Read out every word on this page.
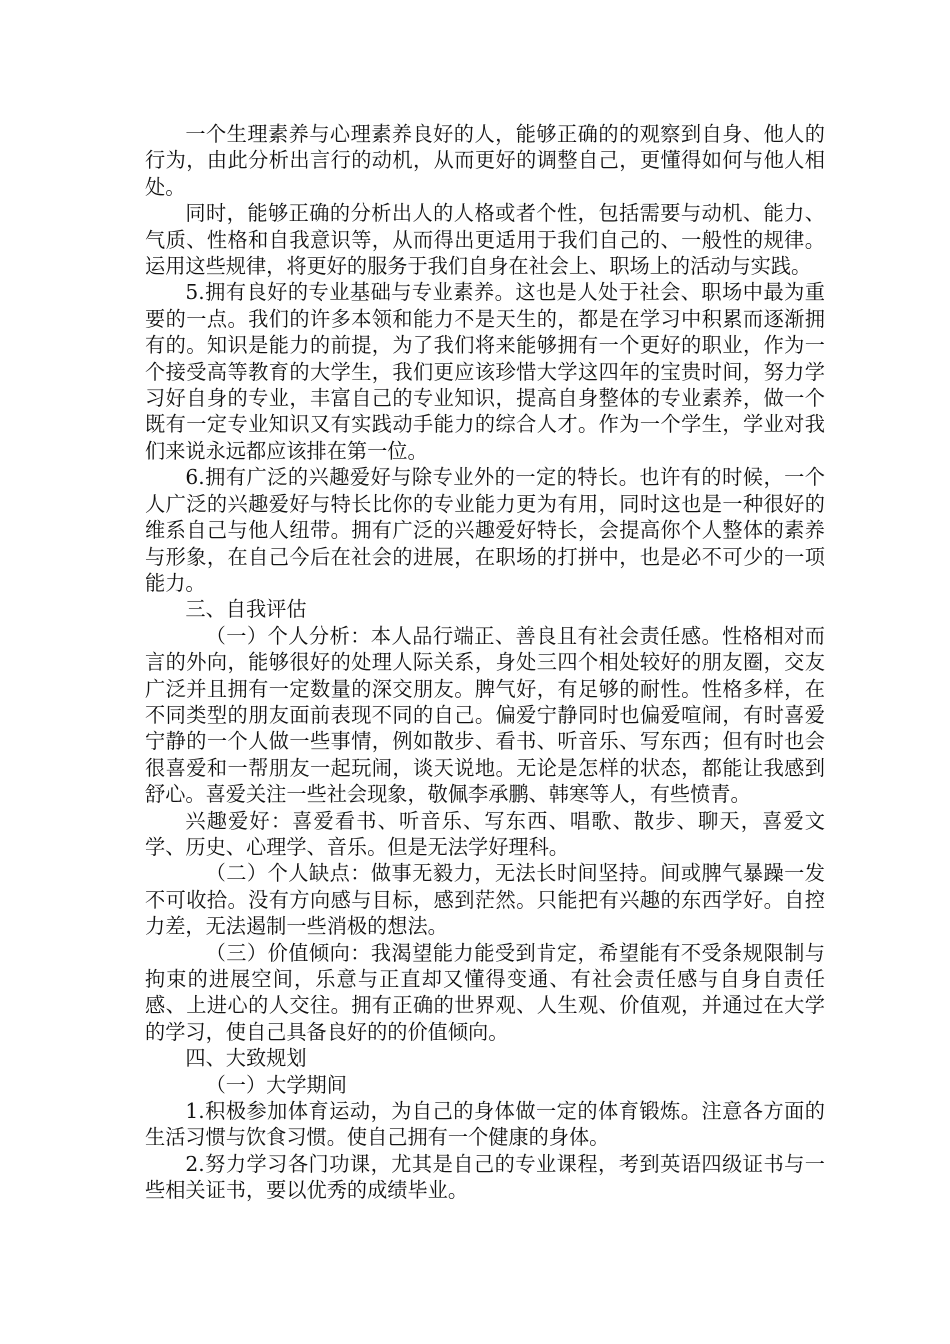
一个生理素养与心理素养良好的人，能够正确的的观察到自身、他人的行为，由此分析出言行的动机，从而更好的调整自己，更懂得如何与他人相处。

同时，能够正确的分析出人的人格或者个性，包括需要与动机、能力、气质、性格和自我意识等，从而得出更适用于我们自己的、一般性的规律。运用这些规律，将更好的服务于我们自身在社会上、职场上的活动与实践。

5.拥有良好的专业基础与专业素养。这也是人处于社会、职场中最为重要的一点。我们的许多本领和能力不是天生的，都是在学习中积累而逐渐拥有的。知识是能力的前提，为了我们将来能够拥有一个更好的职业，作为一个接受高等教育的大学生，我们更应该珍惜大学这四年的宝贵时间，努力学习好自身的专业，丰富自己的专业知识，提高自身整体的专业素养，做一个既有一定专业知识又有实践动手能力的综合人才。作为一个学生，学业对我们来说永远都应该排在第一位。

6.拥有广泛的兴趣爱好与除专业外的一定的特长。也许有的时候，一个人广泛的兴趣爱好与特长比你的专业能力更为有用，同时这也是一种很好的维系自己与他人纽带。拥有广泛的兴趣爱好特长，会提高你个人整体的素养与形象，在自己今后在社会的进展，在职场的打拼中，也是必不可少的一项能力。

三、自我评估

（一）个人分析：本人品行端正、善良且有社会责任感。性格相对而言的外向，能够很好的处理人际关系，身处三四个相处较好的朋友圈，交友广泛并且拥有一定数量的深交朋友。脾气好，有足够的耐性。性格多样，在不同类型的朋友面前表现不同的自己。偏爱宁静同时也偏爱喧闹，有时喜爱宁静的一个人做一些事情，例如散步、看书、听音乐、写东西；但有时也会很喜爱和一帮朋友一起玩闹，谈天说地。无论是怎样的状态，都能让我感到舒心。喜爱关注一些社会现象，敬佩李承鹏、韩寒等人，有些愤青。

兴趣爱好：喜爱看书、听音乐、写东西、唱歌、散步、聊天，喜爱文学、历史、心理学、音乐。但是无法学好理科。

（二）个人缺点：做事无毅力，无法长时间坚持。间或脾气暴躁一发不可收拾。没有方向感与目标，感到茫然。只能把有兴趣的东西学好。自控力差，无法遏制一些消极的想法。

（三）价值倾向：我渴望能力能受到肯定，希望能有不受条规限制与拘束的进展空间，乐意与正直却又懂得变通、有社会责任感与自身自责任感、上进心的人交往。拥有正确的世界观、人生观、价值观，并通过在大学的学习，使自己具备良好的的价值倾向。

四、大致规划

（一）大学期间

1.积极参加体育运动，为自己的身体做一定的体育锻炼。注意各方面的生活习惯与饮食习惯。使自己拥有一个健康的身体。

2.努力学习各门功课，尤其是自己的专业课程，考到英语四级证书与一些相关证书，要以优秀的成绩毕业。
